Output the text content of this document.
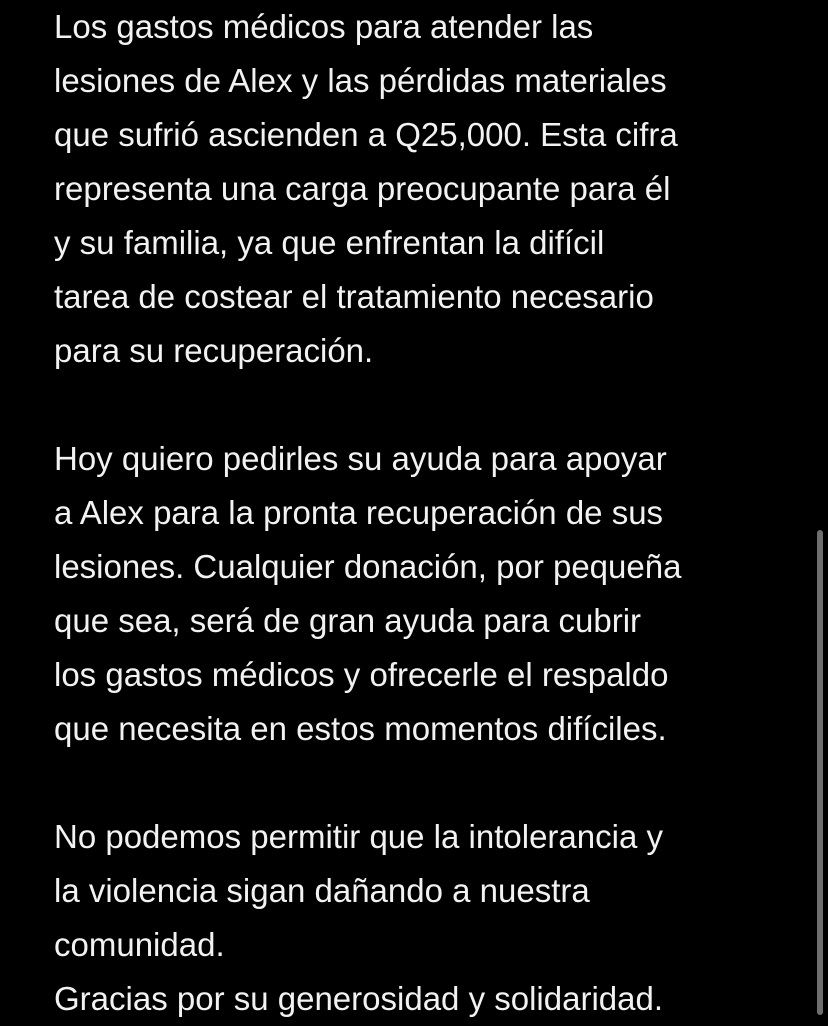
Los gastos médicos para atender las
lesiones de Alex y las pérdidas materiales
que sufrió ascienden a Q25,000. Esta cifra
representa una carga preocupante para él
y su familia, ya que enfrentan la difícil
tarea de costear el tratamiento necesario
para su recuperación.
Hoy quiero pedirles su ayuda para apoyar
a Alex para la pronta recuperación de sus
lesiones. Cualquier donación, por pequeña
que sea, será de gran ayuda para cubrir
los gastos médicos y ofrecerle el respaldo
que necesita en estos momentos difíciles.
No podemos permitir que la intolerancia y
la violencia sigan dañando a nuestra
comunidad.
Gracias por su generosidad y solidaridad.
